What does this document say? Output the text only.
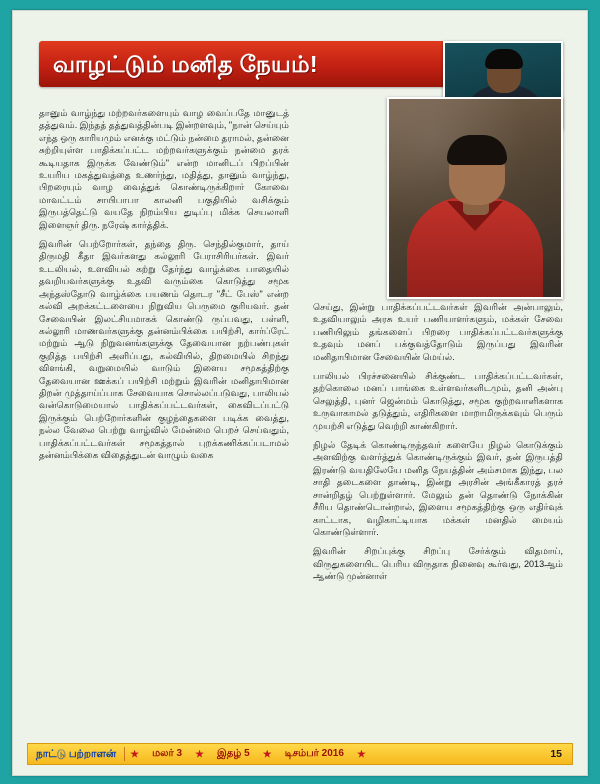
வாழட்டும் மனித நேயம்!

தானும் வாழ்ந்து மற்றவர்களையும் வாழ வைப்பதே மானுடத் தத்துவம். இந்தத் தத்துவத்தின்படி இன்றளவும், "நான் செய்யும் எந்த ஒரு காரியமும் எனக்கு மட்டும் நன்மை தராமல், தன்னை சுற்றியுள்ள பாதிக்கப்பட்ட மற்றவர்களுக்கும் நன்மை தரக் கூடியதாக இருக்க வேண்டும்" என்ற மானிடப் பிறப்பின் உயரிய மகத்துவத்தை உணர்ந்து, மதித்து, தானும் வாழ்ந்து, பிறரையும் வாழ வைத்துக் கொண்டிருக்கிறார் கோவை மாவட்டம் சாயிபாபா காலனி பகுதியில் வசிக்கும் இருபத்தெட்டு வயதே நிறம்பிய துடிப்பு மிக்க செயலாளி இளைஞர் திரு. நரேஷ் கார்த்திக்.

இவரின் பெற்றோர்கள், தந்தை திரு. செந்தில்குமார், தாய் திருமதி கீதா இவர்களது கல்லூரி பேராசிரியர்கள். இவர் உடலியல், உளவியல் கற்று தேர்ந்து வாழ்க்கை பாதையில் தவறியவர்களுக்கு உதவி வரும்கை கொடுத்து சமூக அந்தஸ்தோடு வாழ்க்கை பயணம் தொடர "சீட் பேஸ்" என்ற கல்வி அறக்கட்டளையை நிறுவிய பெருமை குரியவர். தன் சேவையின் இலட்சியமாகக் கொண்டு ருப்பவது, பள்ளி, கல்லூரி மாணவர்களுக்கு தன்னம்பிக்கை பயிற்சி, கார்ப்ரேட் மற்றும் ஆடு நிறுவனங்களுக்கு தேவையான நற்பண்புகள் குறித்த பயிற்சி அளிப்பது, கல்வியில், திறமையில் சிறந்து விளங்கி, வறுமையில் வாடும் இளைய சமூகத்திற்கு தேவையான ஊக்கப் பயிற்சி மற்றும் இவரின் மனிதாபிமான திறன் முத்தாய்ப்பாக சேவையாக சொல்லப்படுவது, பாலியல் வன்கொடுமையால் பாதிக்கப்பட்டவர்கள், கைவிடப்பட்டு இருக்கும் பெற்றோர்களின் குழந்தைகளை படிக்க வைத்து, நல்ல வேலை பெற்று வாழ்வில் மேன்மை பெறச் செய்வதும், பாதிக்கப்பட்டவர்கள் சமூகத்தால் புறக்கணிக்கப்படாமல் தன்னம்பிக்கை விதைத்துடன் வாழும் வகை

செய்து, இன்று பாதிக்கப்பட்டவர்கள் இவரின் அன்பாலும், உதவியாலும் அரசு உயர் பணியாளர்களும், மக்கள் சேவை பணியிலும் தங்களைப் பிறரை பாதிக்கப்பட்டவர்களுக்கு உதவும் மனப் பக்குவத்தோடும் இருப்பது இவரின் மனிதாபிமான சேவையின் மெய்ல்.

பாலியல் பிரச்சனையில் சிக்குண்ட பாதிக்கப்பட்டவர்கள், தற்கொலை மனப் பாங்கை உள்ளவர்களிடமும், தனி அன்பு செலுத்தி, புனர் ஜென்மம் கொடுத்து, சமூக குற்றவாளிகளாக உருவாகாமல் தடுத்தும், எதிரிகளை மாறாமிருக்கவும் பெரும் முயற்சி எடுத்து வெற்றி காண்கிறார்.

நிழல் தேடிக் கொண்டிருந்தவர் களையே நிழல் கொடுக்கும் அளவிற்கு வளர்த்துக் கொண்டிருக்கும் இவர், தன் இருபத்தி இரண்டு வயதிலேயே மனித நேயத்தின் அம்சமாக இந்து, பல சாதி தடைகளை தாண்டி, இன்று அரசின் அங்கீகாரத் தரச் சான்றிதழ் பெற்றுள்ளார். மேலும் தன் தொண்டு நோக்கின் சீரிய தொண்டொன்றால், இளைய சமூகத்திற்கு ஒரு எதிர்வுக் காட்டாக, வழிகாட்டியாக மக்கள் மனதில் மையம் கொண்டுள்ளார்.

இவரின் சிறப்புக்கு சிறப்பு சேர்க்கும் விதமாய், விருதுகளையிட பெரிய விருதாக நினைவு கூர்வது, 2013ஆம் ஆண்டு முன்னாள்

நாட்டு பற்றாளன்	மலர் 3	இதழ் 5	டிசம்பர் 2016	15
